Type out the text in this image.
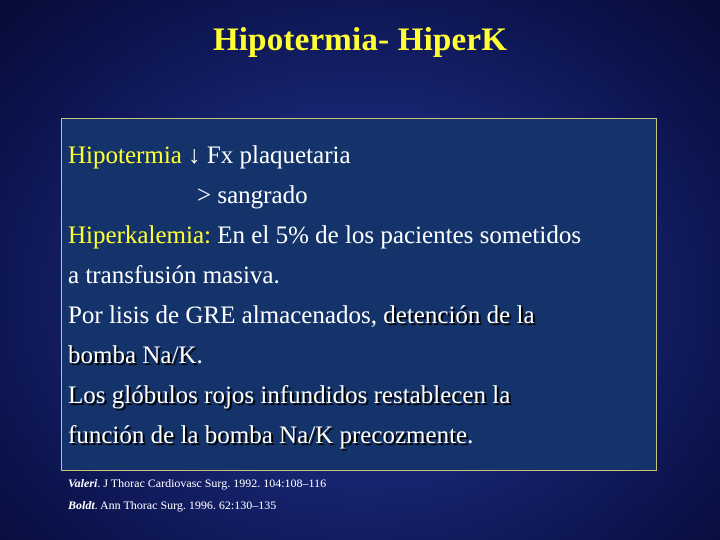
Hipotermia- HiperK
Hipotermia ↓ Fx plaquetaria
> sangrado
Hiperkalemia: En el 5% de los pacientes sometidos
a transfusión masiva.
Por lisis de GRE almacenados, detención de la
bomba Na/K.
Los glóbulos rojos infundidos restablecen la
función de la bomba Na/K precozmente.
Valeri. J Thorac Cardiovasc Surg. 1992. 104:108–116
Boldt. Ann Thorac Surg. 1996. 62:130–135
